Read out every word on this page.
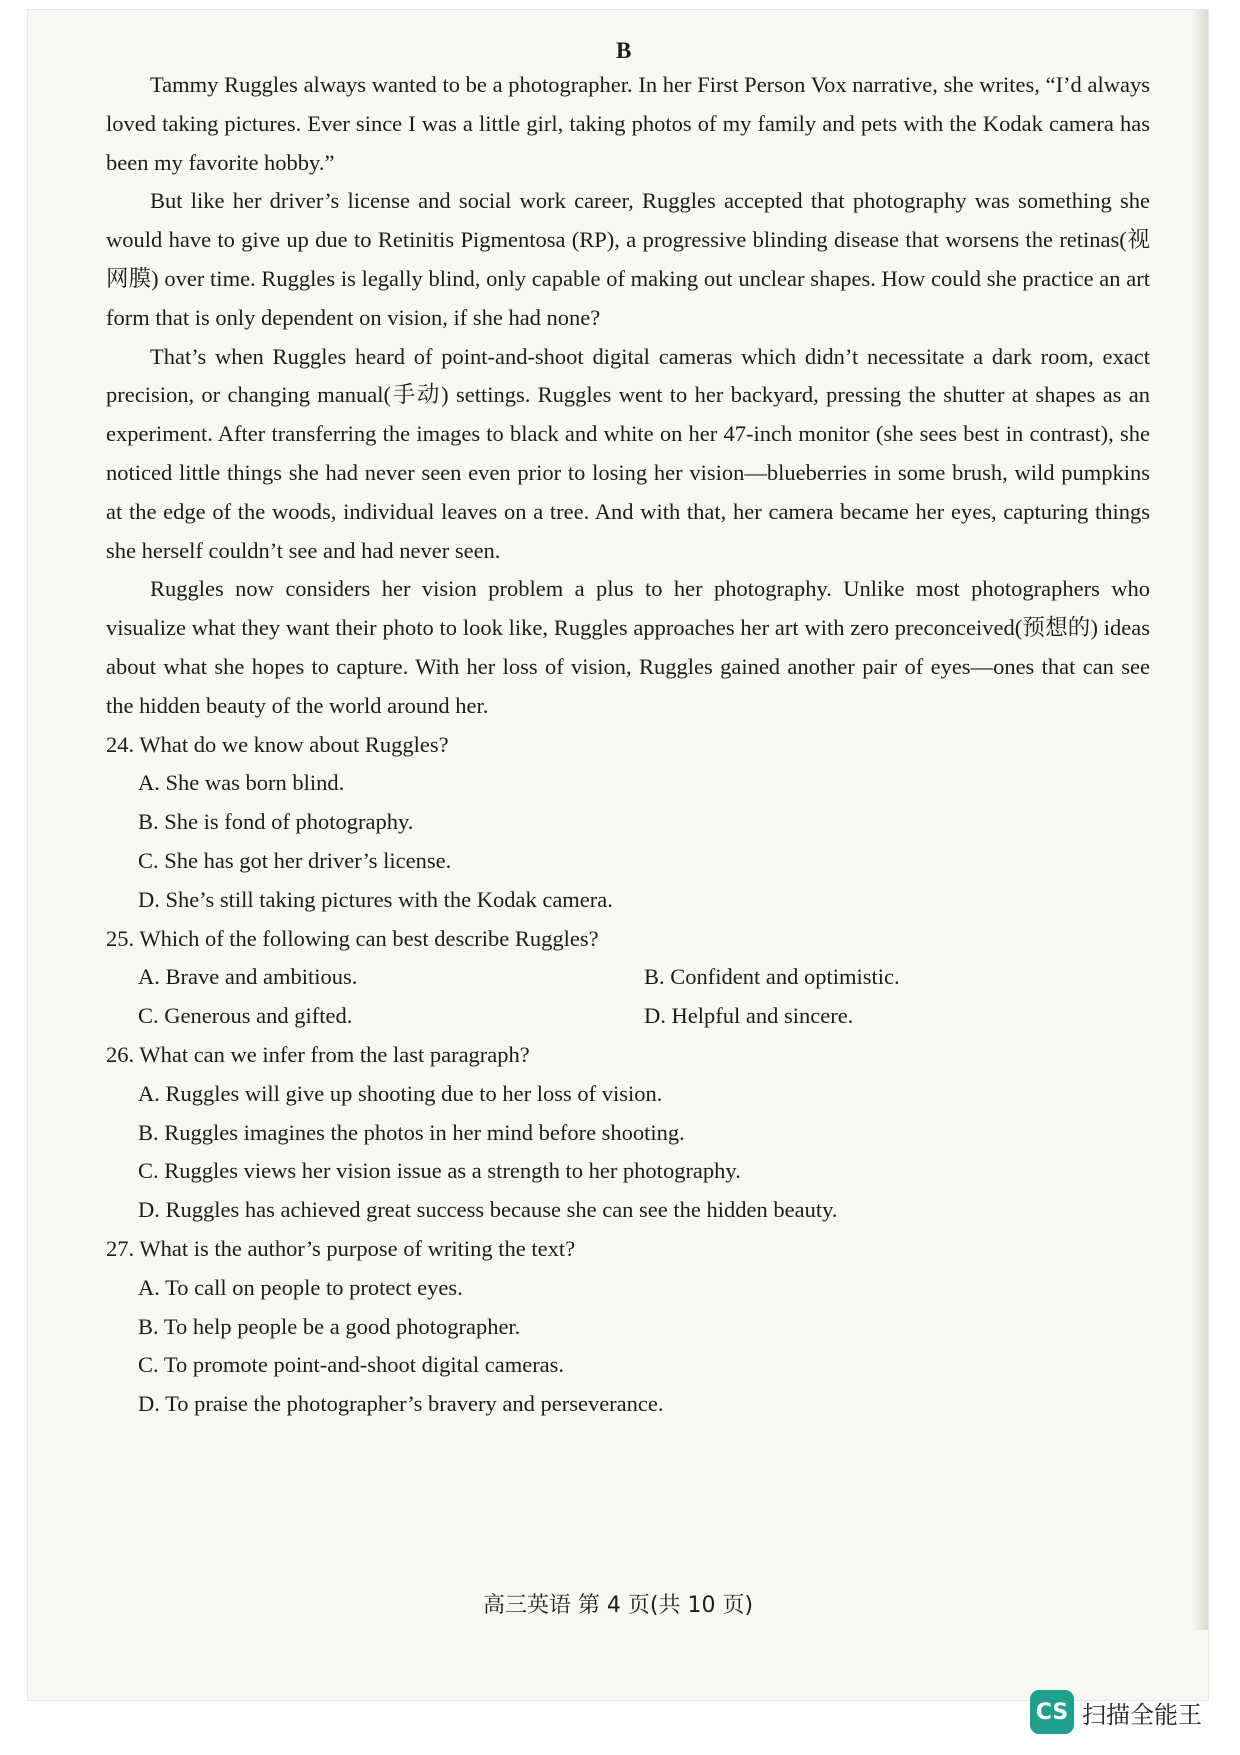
B

Tammy Ruggles always wanted to be a photographer. In her First Person Vox narrative, she writes, “I’d always loved taking pictures. Ever since I was a little girl, taking photos of my family and pets with the Kodak camera has been my favorite hobby.”

But like her driver’s license and social work career, Ruggles accepted that photography was something she would have to give up due to Retinitis Pigmentosa (RP), a progressive blinding disease that worsens the retinas(视网膜) over time. Ruggles is legally blind, only capable of making out unclear shapes. How could she practice an art form that is only dependent on vision, if she had none?

That’s when Ruggles heard of point-and-shoot digital cameras which didn’t necessitate a dark room, exact precision, or changing manual(手动) settings. Ruggles went to her backyard, pressing the shutter at shapes as an experiment. After transferring the images to black and white on her 47-inch monitor (she sees best in contrast), she noticed little things she had never seen even prior to losing her vision—blueberries in some brush, wild pumpkins at the edge of the woods, individual leaves on a tree. And with that, her camera became her eyes, capturing things she herself couldn’t see and had never seen.

Ruggles now considers her vision problem a plus to her photography. Unlike most photographers who visualize what they want their photo to look like, Ruggles approaches her art with zero preconceived(预想的) ideas about what she hopes to capture. With her loss of vision, Ruggles gained another pair of eyes—ones that can see the hidden beauty of the world around her.

24. What do we know about Ruggles?

A. She was born blind.

B. She is fond of photography.

C. She has got her driver’s license.

D. She’s still taking pictures with the Kodak camera.

25. Which of the following can best describe Ruggles?

A. Brave and ambitious.	B. Confident and optimistic.
C. Generous and gifted.	D. Helpful and sincere.

26. What can we infer from the last paragraph?

A. Ruggles will give up shooting due to her loss of vision.

B. Ruggles imagines the photos in her mind before shooting.

C. Ruggles views her vision issue as a strength to her photography.

D. Ruggles has achieved great success because she can see the hidden beauty.

27. What is the author’s purpose of writing the text?

A. To call on people to protect eyes.

B. To help people be a good photographer.

C. To promote point-and-shoot digital cameras.

D. To praise the photographer’s bravery and perseverance.

高三英语 第 4 页(共 10 页)
CS 扫描全能王
